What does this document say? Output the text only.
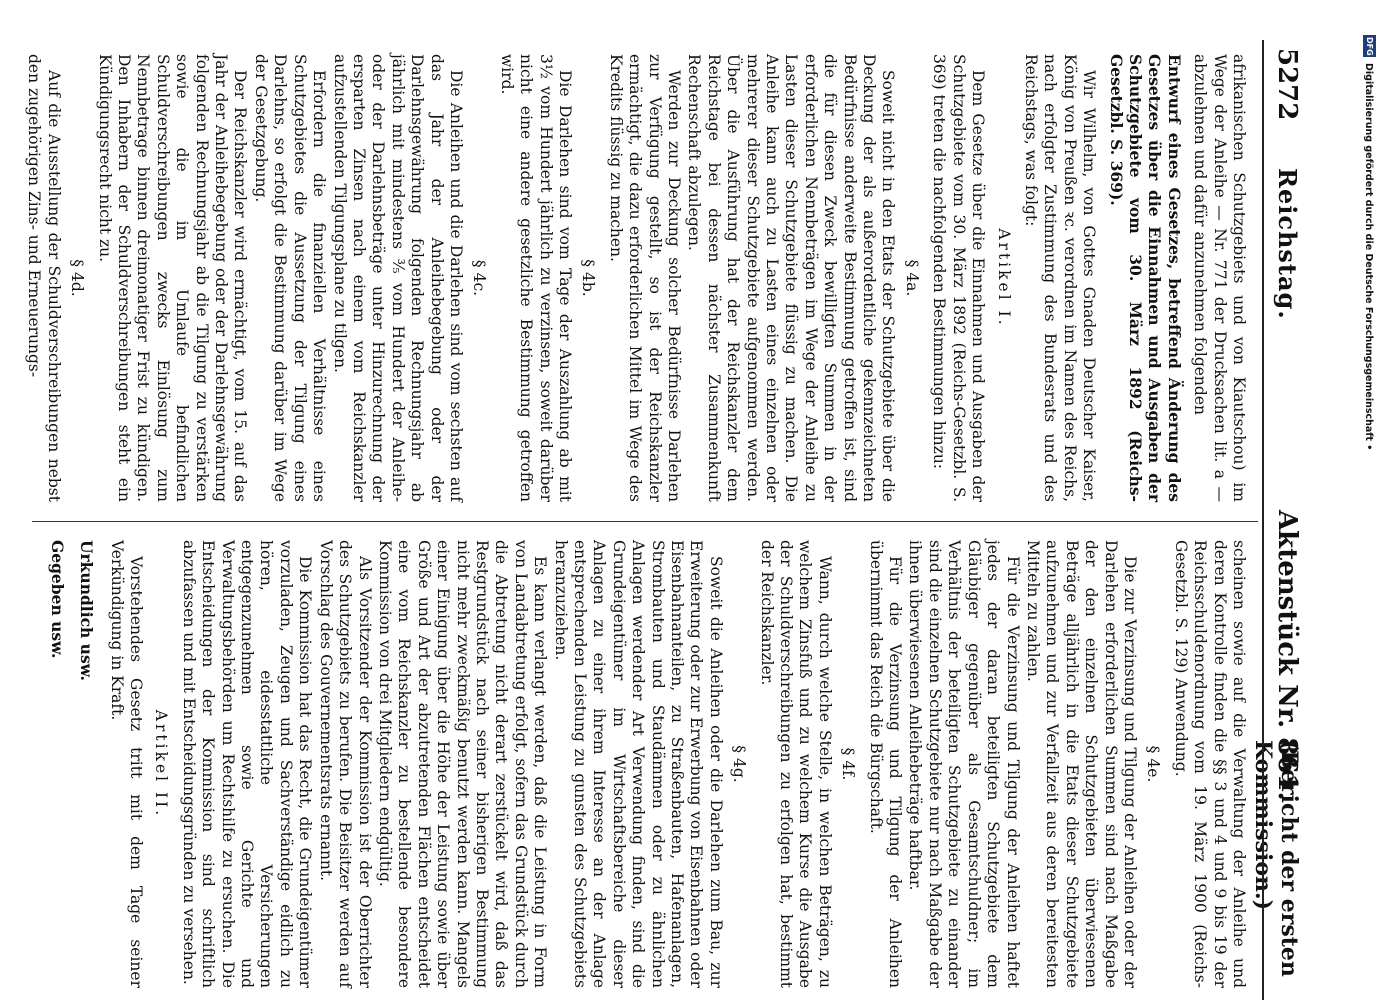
5272
Reichstag.
Aktenstück Nr. 861.
(Bericht der ersten Kommission.)
afrikanischen Schutzgebiets und von Kiautschou) im Wege der Anleihe — Nr. 771 der Drucksachen lit. a — abzulehnen und dafür anzunehmen folgenden
Entwurf eines Gesetzes, betreffend Änderung des Gesetzes über die Einnahmen und Ausgaben der Schutzgebiete vom 30. März 1892 (Reichs-Gesetzbl. S. 369).
Wir Wilhelm, von Gottes Gnaden Deutscher Kaiser, König von Preußen ꝛc. verordnen im Namen des Reichs, nach erfolgter Zustimmung des Bundesrats und des Reichstags, was folgt:
Artikel I.
Dem Gesetze über die Einnahmen und Ausgaben der Schutzgebiete vom 30. März 1892 (Reichs-Gesetzbl. S. 369) treten die nachfolgenden Bestimmungen hinzu:
§ 4a.
Soweit nicht in den Etats der Schutzgebiete über die Deckung der als außerordentliche gekennzeichneten Bedürfnisse anderweite Bestimmung getroffen ist, sind die für diesen Zweck bewilligten Summen in der erforderlichen Nennbeträgen im Wege der Anleihe zu Lasten dieser Schutzgebiete flüssig zu machen. Die Anleihe kann auch zu Lasten eines einzelnen oder mehrerer dieser Schutzgebiete aufgenommen werden. Über die Ausführung hat der Reichskanzler dem Reichstage bei dessen nächster Zusammenkunft Rechenschaft abzulegen.
Werden zur Deckung solcher Bedürfnisse Darlehen zur Verfügung gestellt, so ist der Reichskanzler ermächtigt, die dazu erforderlichen Mittel im Wege des Kredits flüssig zu machen.
§ 4b.
Die Darlehen sind vom Tage der Auszahlung ab mit 3½ vom Hundert jährlich zu verzinsen, soweit darüber nicht eine andere gesetzliche Bestimmung getroffen wird.
§ 4c.
Die Anleihen und die Darlehen sind vom sechsten auf das Jahr der Anleihebegebung oder der Darlehnsgewährung folgenden Rechnungsjahr ab jährlich mit mindestens ³⁄₅ vom Hundert der Anleihe- oder der Darlehnsbeträge unter Hinzurechnung der ersparten Zinsen nach einem vom Reichskanzler aufzustellenden Tilgungsplane zu tilgen.
Erfordern die finanziellen Verhältnisse eines Schutzgebietes die Aussetzung der Tilgung eines Darlehns, so erfolgt die Bestimmung darüber im Wege der Gesetzgebung.
Der Reichskanzler wird ermächtigt, vom 15. auf das Jahr der Anleihebegebung oder der Darlehnsgewährung folgenden Rechnungsjahr ab die Tilgung zu verstärken sowie die im Umlaufe befindlichen Schuldverschreibungen zwecks Einlösung zum Nennbetrage binnen dreimonatiger Frist zu kündigen. Den Inhabern der Schuldverschreibungen steht ein Kündigungsrecht nicht zu.
§ 4d.
Auf die Ausstellung der Schuldverschreibungen nebst den zugehörigen Zins- und Erneuerungs-
scheinen sowie auf die Verwaltung der Anleihe und deren Kontrolle finden die §§ 3 und 4 und 9 bis 19 der Reichsschuldenordnung vom 19. März 1900 (Reichs-Gesetzbl. S. 129) Anwendung.
§ 4e.
Die zur Verzinsung und Tilgung der Anleihen oder der Darlehen erforderlichen Summen sind nach Maßgabe der den einzelnen Schutzgebieten überwiesenen Beträge alljährlich in die Etats dieser Schutzgebiete aufzunehmen und zur Verfallzeit aus deren bereitesten Mitteln zu zahlen.
Für die Verzinsung und Tilgung der Anleihen haftet jedes der daran beteiligten Schutzgebiete dem Gläubiger gegenüber als Gesamtschuldner; im Verhältnis der beteiligten Schutzgebiete zu einander sind die einzelnen Schutzgebiete nur nach Maßgabe der ihnen überwiesenen Anleihebeträge haftbar.
Für die Verzinsung und Tilgung der Anleihen übernimmt das Reich die Bürgschaft.
§ 4f.
Wann, durch welche Stelle, in welchen Beträgen, zu welchem Zinsfuß und zu welchem Kurse die Ausgabe der Schuldverschreibungen zu erfolgen hat, bestimmt der Reichskanzler.
§ 4g.
Soweit die Anleihen oder die Darlehen zum Bau, zur Erweiterung oder zur Erwerbung von Eisenbahnen oder Eisenbahnanteilen, zu Straßenbauten, Hafenanlagen, Strombauten und Staudämmen oder zu ähnlichen Anlagen werdender Art Verwendung finden, sind die Grundeigentümer im Wirtschaftsbereiche dieser Anlagen zu einer ihrem Interesse an der Anlage entsprechenden Leistung zu gunsten des Schutzgebiets heranzuziehen.
Es kann verlangt werden, daß die Leistung in Form von Landabtretung erfolgt, sofern das Grundstück durch die Abtretung nicht derart zerstückelt wird, daß das Restgrundstück nach seiner bisherigen Bestimmung nicht mehr zweckmäßig benutzt werden kann. Mangels einer Einigung über die Höhe der Leistung sowie über Größe und Art der abzutretenden Flächen entscheidet eine vom Reichskanzler zu bestellende besondere Kommission von drei Mitgliedern endgültig.
Als Vorsitzender der Kommission ist der Oberrichter des Schutzgebiets zu berufen. Die Beisitzer werden auf Vorschlag des Gouvernementsrats ernannt.
Die Kommission hat das Recht, die Grundeigentümer vorzuladen, Zeugen und Sachverständige eidlich zu hören, eidesstattliche Versicherungen entgegenzunehmen sowie Gerichte und Verwaltungsbehörden um Rechtshilfe zu ersuchen. Die Entscheidungen der Kommission sind schriftlich abzufassen und mit Entscheidungsgründen zu versehen.
Artikel II.
Vorstehendes Gesetz tritt mit dem Tage seiner Verkündigung in Kraft.
Urkundlich usw.
Gegeben usw.
DFG
Digitalisierung gefördert durch die Deutsche Forschungsgemeinschaft •
